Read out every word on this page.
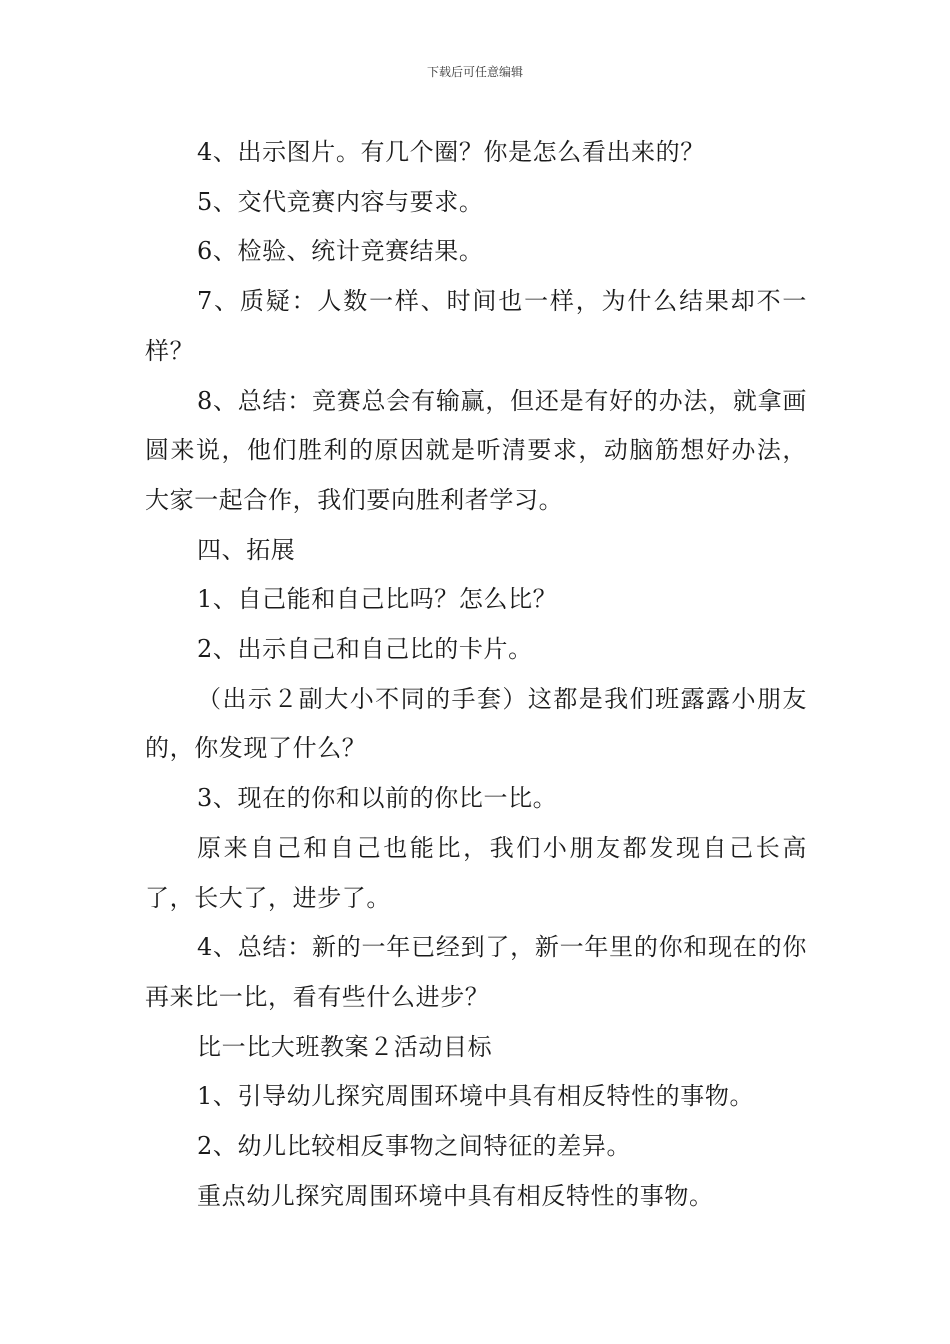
下载后可任意编辑

4、出示图片。有几个圈？你是怎么看出来的？

5、交代竞赛内容与要求。

6、检验、统计竞赛结果。

7、质疑：人数一样、时间也一样，为什么结果却不一样？

8、总结：竞赛总会有输赢，但还是有好的办法，就拿画圆来说，他们胜利的原因就是听清要求，动脑筋想好办法，大家一起合作，我们要向胜利者学习。

四、拓展

1、自己能和自己比吗？怎么比？

2、出示自己和自己比的卡片。

（出示２副大小不同的手套）这都是我们班露露小朋友的，你发现了什么？

3、现在的你和以前的你比一比。

原来自己和自己也能比，我们小朋友都发现自己长高了，长大了，进步了。

4、总结：新的一年已经到了，新一年里的你和现在的你再来比一比，看有些什么进步？

比一比大班教案２活动目标

1、引导幼儿探究周围环境中具有相反特性的事物。

2、幼儿比较相反事物之间特征的差异。

重点幼儿探究周围环境中具有相反特性的事物。
